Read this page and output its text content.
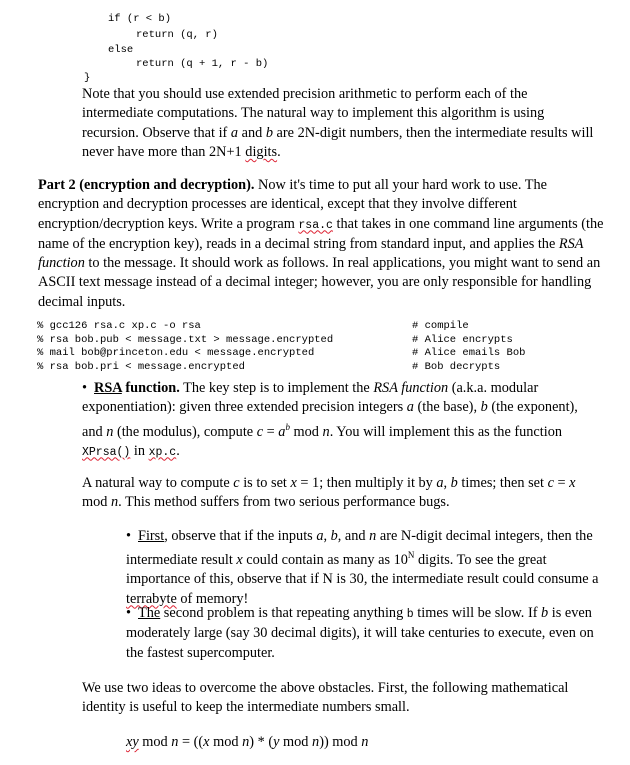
if (r < b)
return (q, r)
else
return (q + 1, r - b)
}

Note that you should use extended precision arithmetic to perform each of the intermediate computations. The natural way to implement this algorithm is using recursion. Observe that if a and b are 2N-digit numbers, then the intermediate results will never have more than 2N+1 digits.

Part 2 (encryption and decryption). Now it's time to put all your hard work to use. The encryption and decryption processes are identical, except that they involve different encryption/decryption keys. Write a program rsa.c that takes in one command line arguments (the name of the encryption key), reads in a decimal string from standard input, and applies the RSA function to the message. It should work as follows. In real applications, you might want to send an ASCII text message instead of a decimal integer; however, you are only responsible for handling decimal inputs.

% gcc126 rsa.c xp.c -o rsa	# compile
% rsa bob.pub < message.txt > message.encrypted	# Alice encrypts
% mail bob@princeton.edu < message.encrypted	# Alice emails Bob
% rsa bob.pri < message.encrypted	# Bob decrypts

• RSA function. The key step is to implement the RSA function (a.k.a. modular exponentiation): given three extended precision integers a (the base), b (the exponent), and n (the modulus), compute $c = a^b$ mod n. You will implement this as the function XPrsa() in xp.c.

A natural way to compute c is to set x = 1; then multiply it by a, b times; then set c = x mod n. This method suffers from two serious performance bugs.

• First, observe that if the inputs a, b, and n are N-digit decimal integers, then the intermediate result x could contain as many as $10^N$ digits. To see the great importance of this, observe that if N is 30, the intermediate result could consume a terrabyte of memory!

• The second problem is that repeating anything b times will be slow. If b is even moderately large (say 30 decimal digits), it will take centuries to execute, even on the fastest supercomputer.

We use two ideas to overcome the above obstacles. First, the following mathematical identity is useful to keep the intermediate numbers small.

xy mod n = ((x mod n) * (y mod n)) mod n
